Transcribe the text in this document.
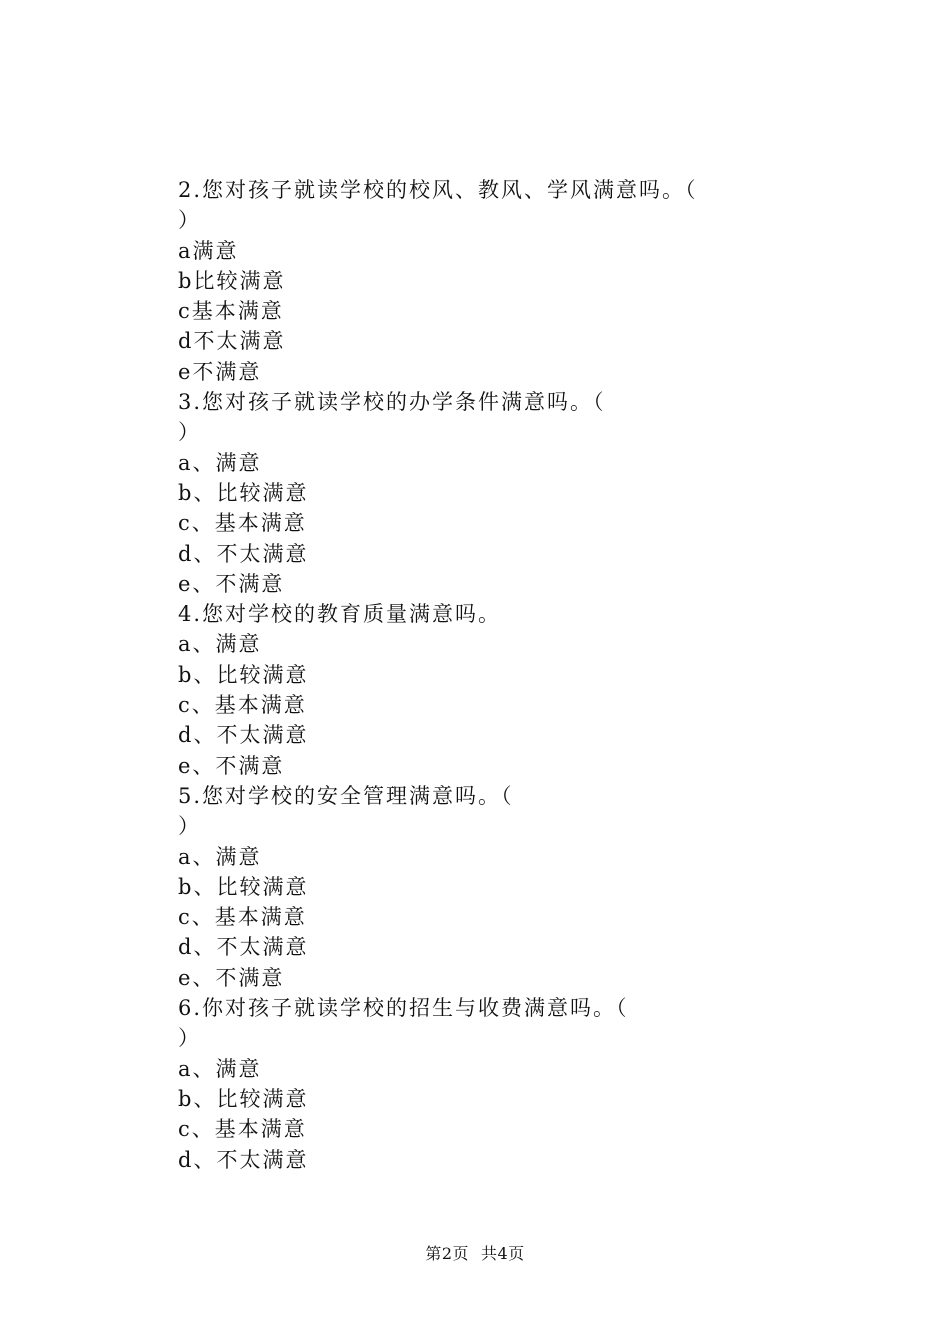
2.您对孩子就读学校的校风、教风、学风满意吗。（
）
a满意
b比较满意
c基本满意
d不太满意
e不满意
3.您对孩子就读学校的办学条件满意吗。（
）
a、满意
b、比较满意
c、基本满意
d、不太满意
e、不满意
4.您对学校的教育质量满意吗。
a、满意
b、比较满意
c、基本满意
d、不太满意
e、不满意
5.您对学校的安全管理满意吗。（
）
a、满意
b、比较满意
c、基本满意
d、不太满意
e、不满意
6.你对孩子就读学校的招生与收费满意吗。（
）
a、满意
b、比较满意
c、基本满意
d、不太满意
第2页 共4页
